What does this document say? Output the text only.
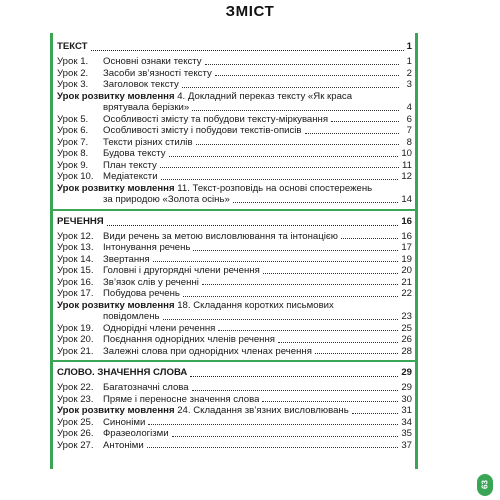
ЗМІСТ
ТЕКСТ	1
Урок 1.	Основні ознаки тексту	1
Урок 2.	Засоби зв’язності тексту	2
Урок 3.	Заголовок тексту	3
Урок розвитку мовлення 4. Докладний переказ тексту «Як краса
врятувала берізки»	4
Урок 5.	Особливості змісту та побудови тексту-міркування	6
Урок 6.	Особливості змісту і побудови текстів-описів	7
Урок 7.	Тексти різних стилів	8
Урок 8.	Будова тексту	10
Урок 9.	План тексту	11
Урок 10. Медіатексти	12
Урок розвитку мовлення 11. Текст-розповідь на основі спостережень
за природою «Золота осінь»	14
РЕЧЕННЯ	16
Урок 12. Види речень за метою висловлювання та інтонацією	16
Урок 13. Інтонування речень	17
Урок 14. Звертання	19
Урок 15. Головні і другорядні члени речення	20
Урок 16. Зв’язок слів у реченні	21
Урок 17. Побудова речень	22
Урок розвитку мовлення 18. Складання коротких письмових
повідомлень	23
Урок 19. Однорідні члени речення	25
Урок 20. Поєднання однорідних членів речення	26
Урок 21. Залежні слова при однорідних членах речення	28
СЛОВО. ЗНАЧЕННЯ СЛОВА	29
Урок 22. Багатозначні слова	29
Урок 23. Пряме і переносне значення слова	30
Урок розвитку мовлення 24. Складання зв’язних висловлювань	31
Урок 25. Синоніми	34
Урок 26. Фразеологізми	35
Урок 27. Антоніми	37
63
